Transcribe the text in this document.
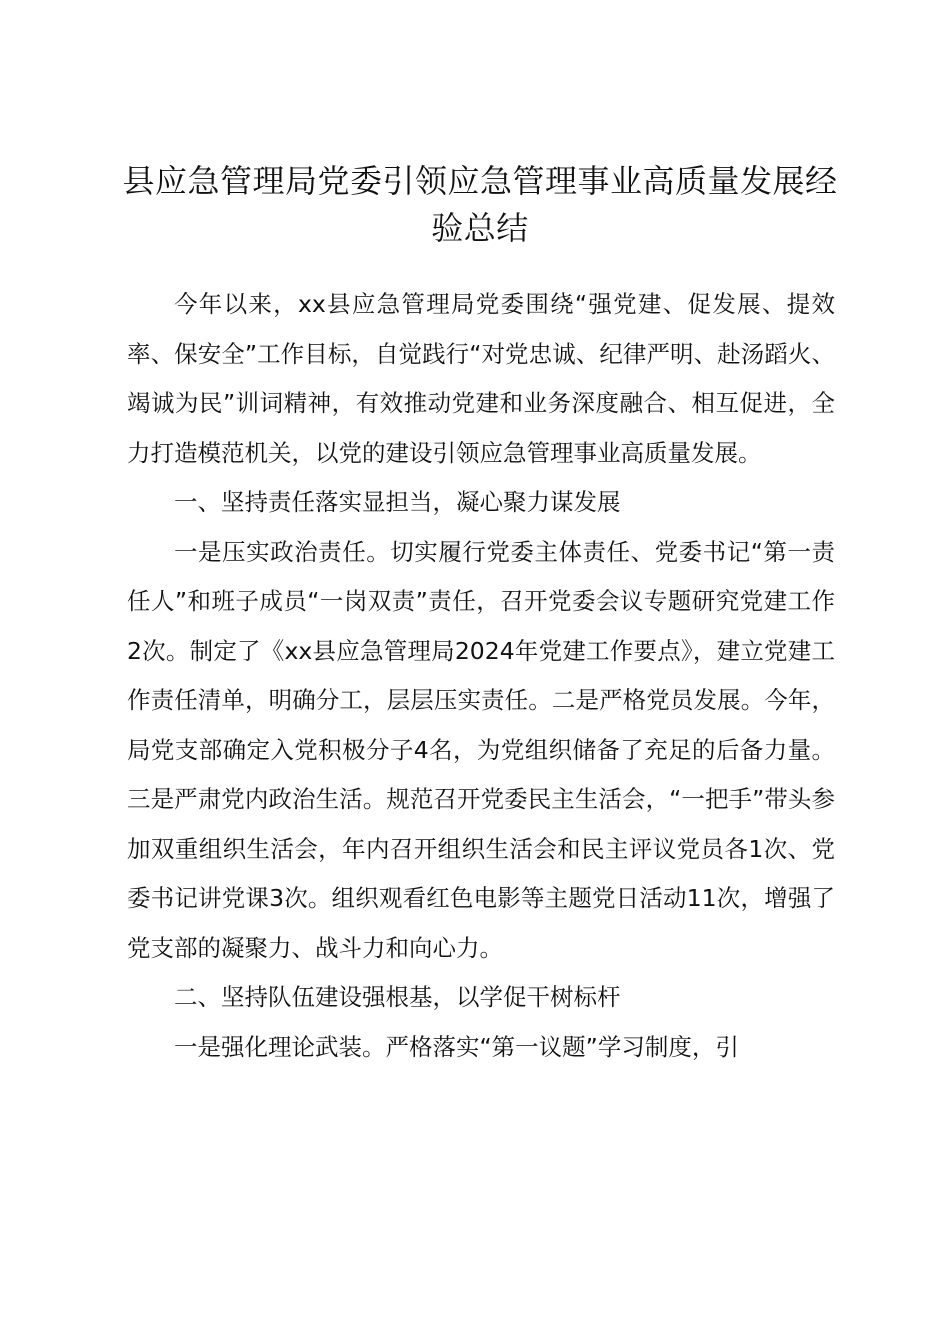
县应急管理局党委引领应急管理事业高质量发展经验总结

今年以来，xx县应急管理局党委围绕“强党建、促发展、提效率、保安全”工作目标，自觉践行“对党忠诚、纪律严明、赴汤蹈火、竭诚为民”训词精神，有效推动党建和业务深度融合、相互促进，全力打造模范机关，以党的建设引领应急管理事业高质量发展。

一、坚持责任落实显担当，凝心聚力谋发展

一是压实政治责任。切实履行党委主体责任、党委书记“第一责任人”和班子成员“一岗双责”责任，召开党委会议专题研究党建工作2次。制定了《xx县应急管理局2024年党建工作要点》，建立党建工作责任清单，明确分工，层层压实责任。二是严格党员发展。今年，局党支部确定入党积极分子4名，为党组织储备了充足的后备力量。三是严肃党内政治生活。规范召开党委民主生活会，“一把手”带头参加双重组织生活会，年内召开组织生活会和民主评议党员各1次、党委书记讲党课3次。组织观看红色电影等主题党日活动11次，增强了党支部的凝聚力、战斗力和向心力。

二、坚持队伍建设强根基，以学促干树标杆

一是强化理论武装。严格落实“第一议题”学习制度，引
